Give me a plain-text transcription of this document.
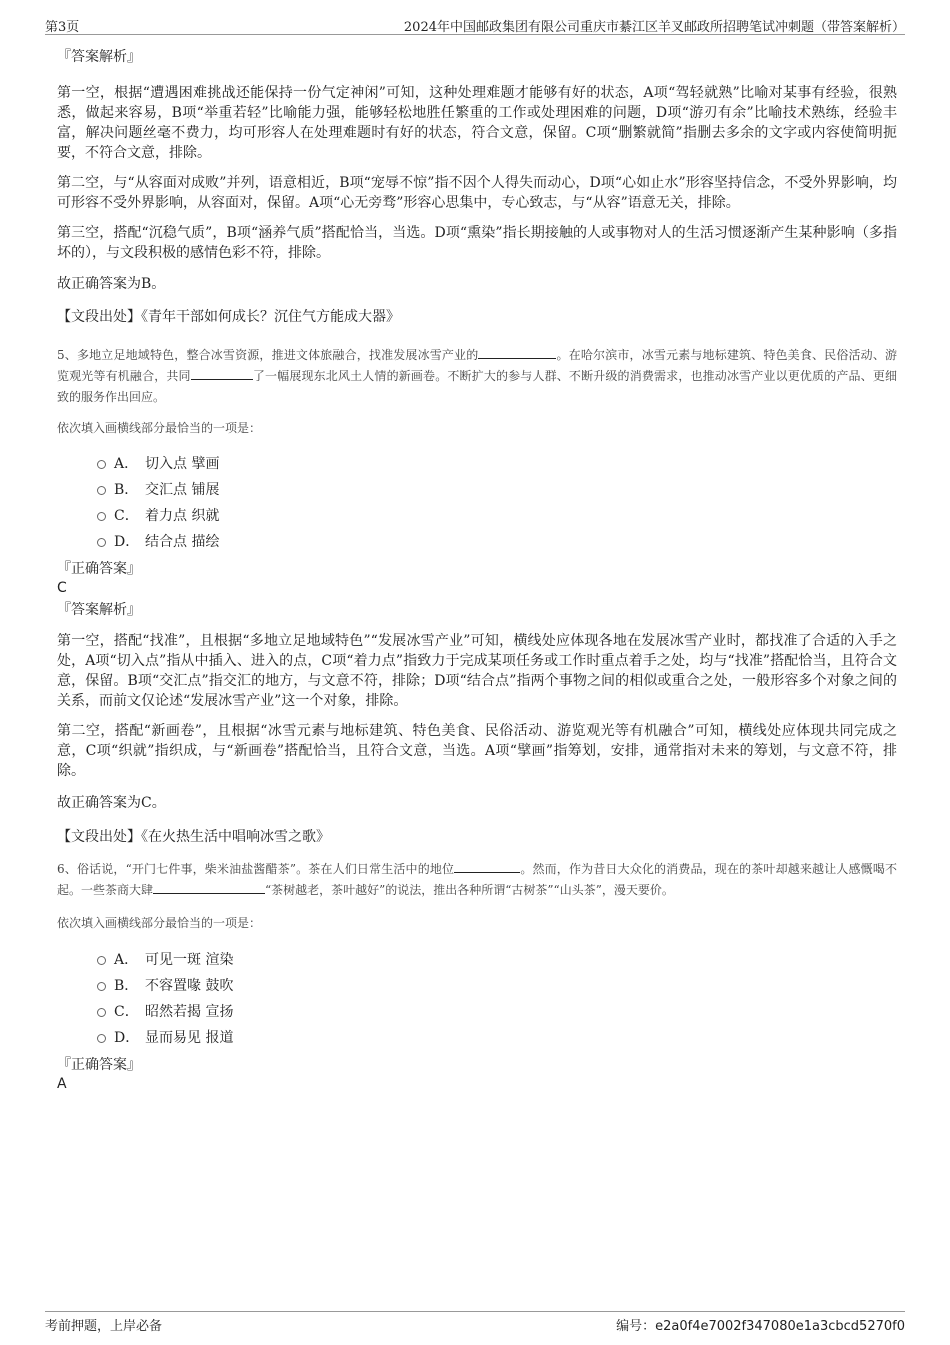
第3页	2024年中国邮政集团有限公司重庆市綦江区羊叉邮政所招聘笔试冲刺题（带答案解析）

『答案解析』

第一空，根据“遭遇困难挑战还能保持一份气定神闲”可知，这种处理难题才能够有好的状态，A项“驾轻就熟”比喻对某事有经验，很熟悉，做起来容易，B项“举重若轻”比喻能力强，能够轻松地胜任繁重的工作或处理困难的问题，D项“游刃有余”比喻技术熟练，经验丰富，解决问题丝毫不费力，均可形容人在处理难题时有好的状态，符合文意，保留。C项“删繁就简”指删去多余的文字或内容使简明扼要，不符合文意，排除。

第二空，与“从容面对成败”并列，语意相近，B项“宠辱不惊”指不因个人得失而动心，D项“心如止水”形容坚持信念，不受外界影响，均可形容不受外界影响，从容面对，保留。A项“心无旁骛”形容心思集中，专心致志，与“从容”语意无关，排除。

第三空，搭配“沉稳气质”，B项“涵养气质”搭配恰当，当选。D项“熏染”指长期接触的人或事物对人的生活习惯逐渐产生某种影响（多指坏的），与文段积极的感情色彩不符，排除。

故正确答案为B。

【文段出处】《青年干部如何成长？沉住气方能成大器》

5、多地立足地域特色，整合冰雪资源，推进文体旅融合，找准发展冰雪产业的	。在哈尔滨市，冰雪元素与地标建筑、特色美食、民俗活动、游览观光等有机融合，共同	了一幅展现东北风土人情的新画卷。不断扩大的参与人群、不断升级的消费需求，也推动冰雪产业以更优质的产品、更细致的服务作出回应。

依次填入画横线部分最恰当的一项是：

A． 切入点 擘画
B． 交汇点 铺展
C． 着力点 织就
D． 结合点 描绘

『正确答案』

C

『答案解析』

第一空，搭配“找准”，且根据“多地立足地域特色”“发展冰雪产业”可知，横线处应体现各地在发展冰雪产业时，都找准了合适的入手之处，A项“切入点”指从中插入、进入的点，C项“着力点”指致力于完成某项任务或工作时重点着手之处，均与“找准”搭配恰当，且符合文意，保留。B项“交汇点”指交汇的地方，与文意不符，排除；D项“结合点”指两个事物之间的相似或重合之处，一般形容多个对象之间的关系，而前文仅论述“发展冰雪产业”这一个对象，排除。

第二空，搭配“新画卷”，且根据“冰雪元素与地标建筑、特色美食、民俗活动、游览观光等有机融合”可知，横线处应体现共同完成之意，C项“织就”指织成，与“新画卷”搭配恰当，且符合文意，当选。A项“擘画”指筹划，安排，通常指对未来的筹划，与文意不符，排除。

故正确答案为C。

【文段出处】《在火热生活中唱响冰雪之歌》

6、俗话说，“开门七件事，柴米油盐酱醋茶”。茶在人们日常生活中的地位	。然而，作为昔日大众化的消费品，现在的茶叶却越来越让人感慨喝不起。一些茶商大肆	“茶树越老，茶叶越好”的说法，推出各种所谓“古树茶”“山头茶”，漫天要价。

依次填入画横线部分最恰当的一项是：

A． 可见一斑 渲染
B． 不容置喙 鼓吹
C． 昭然若揭 宣扬
D． 显而易见 报道

『正确答案』

A

考前押题，上岸必备	编号：e2a0f4e7002f347080e1a3cbcd5270f0
